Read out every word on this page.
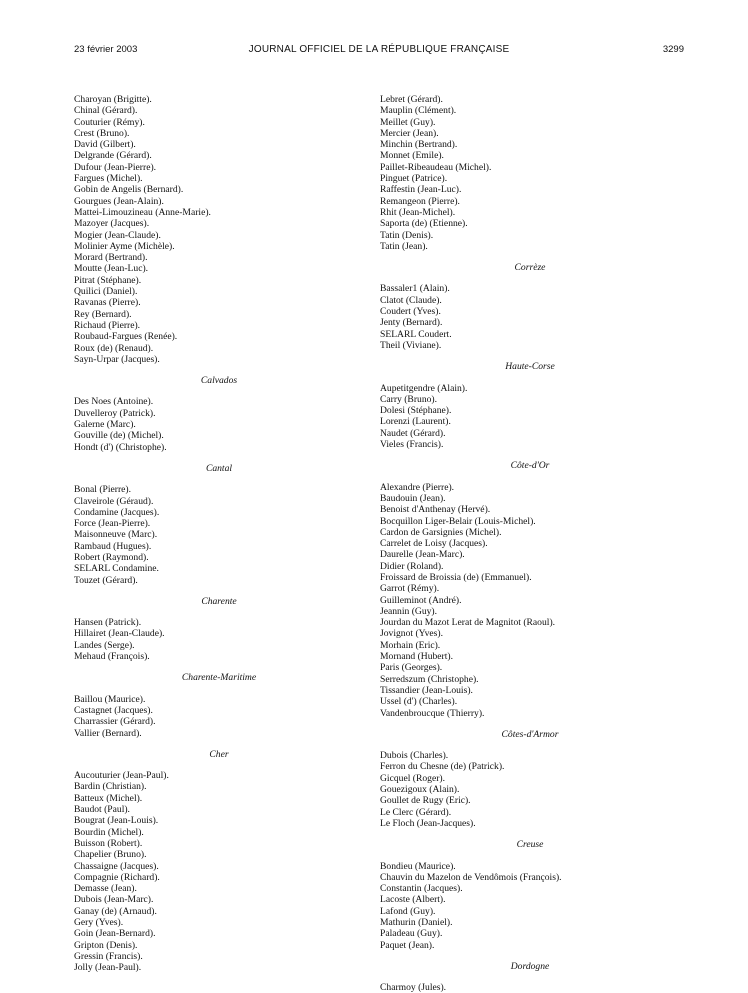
23 février 2003	JOURNAL OFFICIEL DE LA RÉPUBLIQUE FRANÇAISE	3299
Charoyan (Brigitte).
Chinal (Gérard).
Couturier (Rémy).
Crest (Bruno).
David (Gilbert).
Delgrande (Gérard).
Dufour (Jean-Pierre).
Fargues (Michel).
Gobin de Angelis (Bernard).
Gourgues (Jean-Alain).
Mattei-Limouzineau (Anne-Marie).
Mazoyer (Jacques).
Mogier (Jean-Claude).
Molinier Ayme (Michèle).
Morard (Bertrand).
Moutte (Jean-Luc).
Pitrat (Stéphane).
Quilici (Daniel).
Ravanas (Pierre).
Rey (Bernard).
Richaud (Pierre).
Roubaud-Fargues (Renée).
Roux (de) (Renaud).
Sayn-Urpar (Jacques).
Calvados
Des Noes (Antoine).
Duvelleroy (Patrick).
Galerne (Marc).
Gouville (de) (Michel).
Hondt (d') (Christophe).
Cantal
Bonal (Pierre).
Claveirole (Géraud).
Condamine (Jacques).
Force (Jean-Pierre).
Maisonneuve (Marc).
Rambaud (Hugues).
Robert (Raymond).
SELARL Condamine.
Touzet (Gérard).
Charente
Hansen (Patrick).
Hillairet (Jean-Claude).
Landes (Serge).
Mehaud (François).
Charente-Maritime
Baillou (Maurice).
Castagnet (Jacques).
Charrassier (Gérard).
Vallier (Bernard).
Cher
Aucouturier (Jean-Paul).
Bardin (Christian).
Batteux (Michel).
Baudot (Paul).
Bougrat (Jean-Louis).
Bourdin (Michel).
Buisson (Robert).
Chapelier (Bruno).
Chassaigne (Jacques).
Compagnie (Richard).
Demasse (Jean).
Dubois (Jean-Marc).
Ganay (de) (Arnaud).
Gery (Yves).
Goin (Jean-Bernard).
Gripton (Denis).
Gressin (Francis).
Jolly (Jean-Paul).
Lebret (Gérard).
Mauplin (Clément).
Meillet (Guy).
Mercier (Jean).
Minchin (Bertrand).
Monnet (Emile).
Paillet-Ribeaudeau (Michel).
Pinguet (Patrice).
Raffestin (Jean-Luc).
Remangeon (Pierre).
Rhit (Jean-Michel).
Saporta (de) (Etienne).
Tatin (Denis).
Tatin (Jean).
Corrèze
Bassaler1 (Alain).
Clatot (Claude).
Coudert (Yves).
Jenty (Bernard).
SELARL Coudert.
Theil (Viviane).
Haute-Corse
Aupetitgendre (Alain).
Carry (Bruno).
Dolesi (Stéphane).
Lorenzi (Laurent).
Naudet (Gérard).
Vieles (Francis).
Côte-d'Or
Alexandre (Pierre).
Baudouin (Jean).
Benoist d'Anthenay (Hervé).
Bocquillon Liger-Belair (Louis-Michel).
Cardon de Garsignies (Michel).
Carrelet de Loisy (Jacques).
Daurelle (Jean-Marc).
Didier (Roland).
Froissard de Broissia (de) (Emmanuel).
Garrot (Rémy).
Guilleminot (André).
Jeannin (Guy).
Jourdan du Mazot Lerat de Magnitot (Raoul).
Jovignot (Yves).
Morhain (Eric).
Mornand (Hubert).
Paris (Georges).
Serredszum (Christophe).
Tissandier (Jean-Louis).
Ussel (d') (Charles).
Vandenbroucque (Thierry).
Côtes-d'Armor
Dubois (Charles).
Ferron du Chesne (de) (Patrick).
Gicquel (Roger).
Gouezigoux (Alain).
Goullet de Rugy (Eric).
Le Clerc (Gérard).
Le Floch (Jean-Jacques).
Creuse
Bondieu (Maurice).
Chauvin du Mazelon de Vendômois (François).
Constantin (Jacques).
Lacoste (Albert).
Lafond (Guy).
Mathurin (Daniel).
Paladeau (Guy).
Paquet (Jean).
Dordogne
Charmoy (Jules).
